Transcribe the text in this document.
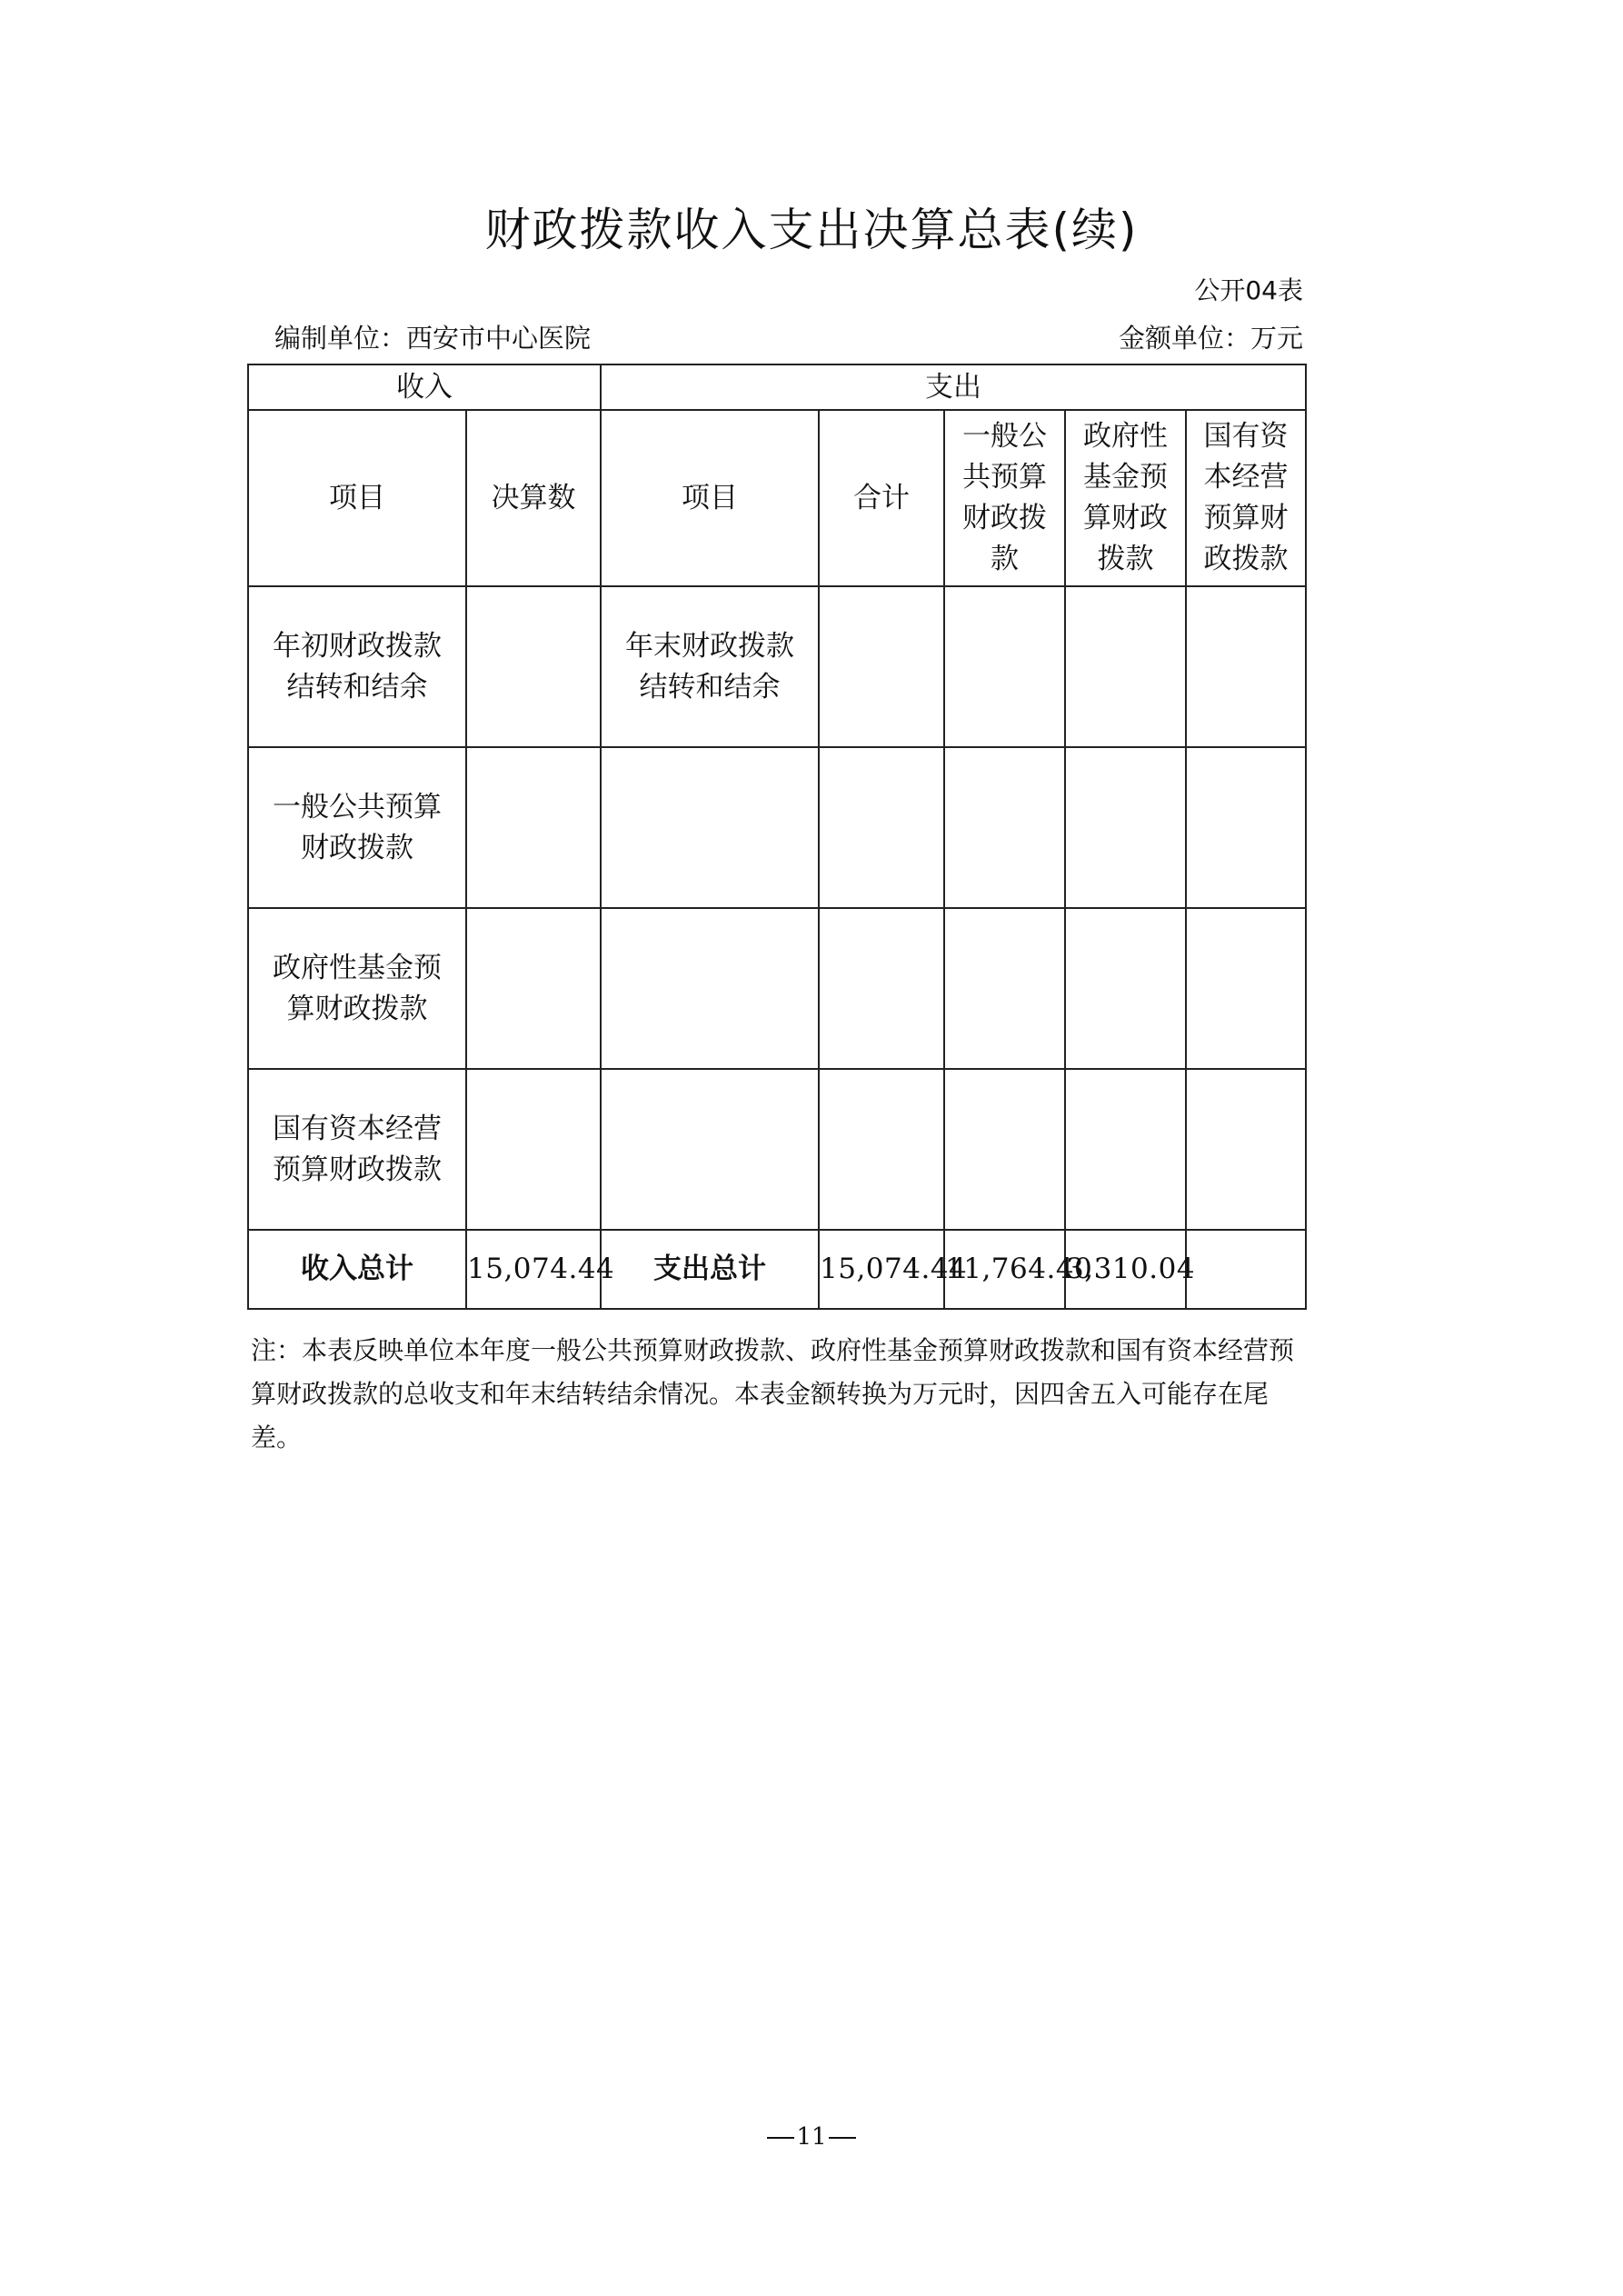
财政拨款收入支出决算总表(续)
公开04表
编制单位：西安市中心医院	金额单位：万元
收入		支出				
项目	决算数	项目	合计	一般公共预算财政拨款	政府性基金预算财政拨款	国有资本经营预算财政拨款
年初财政拨款结转和结余		年末财政拨款结转和结余				
一般公共预算财政拨款						
政府性基金预算财政拨款						
国有资本经营预算财政拨款						
收入总计	15,074.44	支出总计	15,074.44	11,764.40	3,310.04	
注：本表反映单位本年度一般公共预算财政拨款、政府性基金预算财政拨款和国有资本经营预算财政拨款的总收支和年末结转结余情况。本表金额转换为万元时，因四舍五入可能存在尾差。
11
